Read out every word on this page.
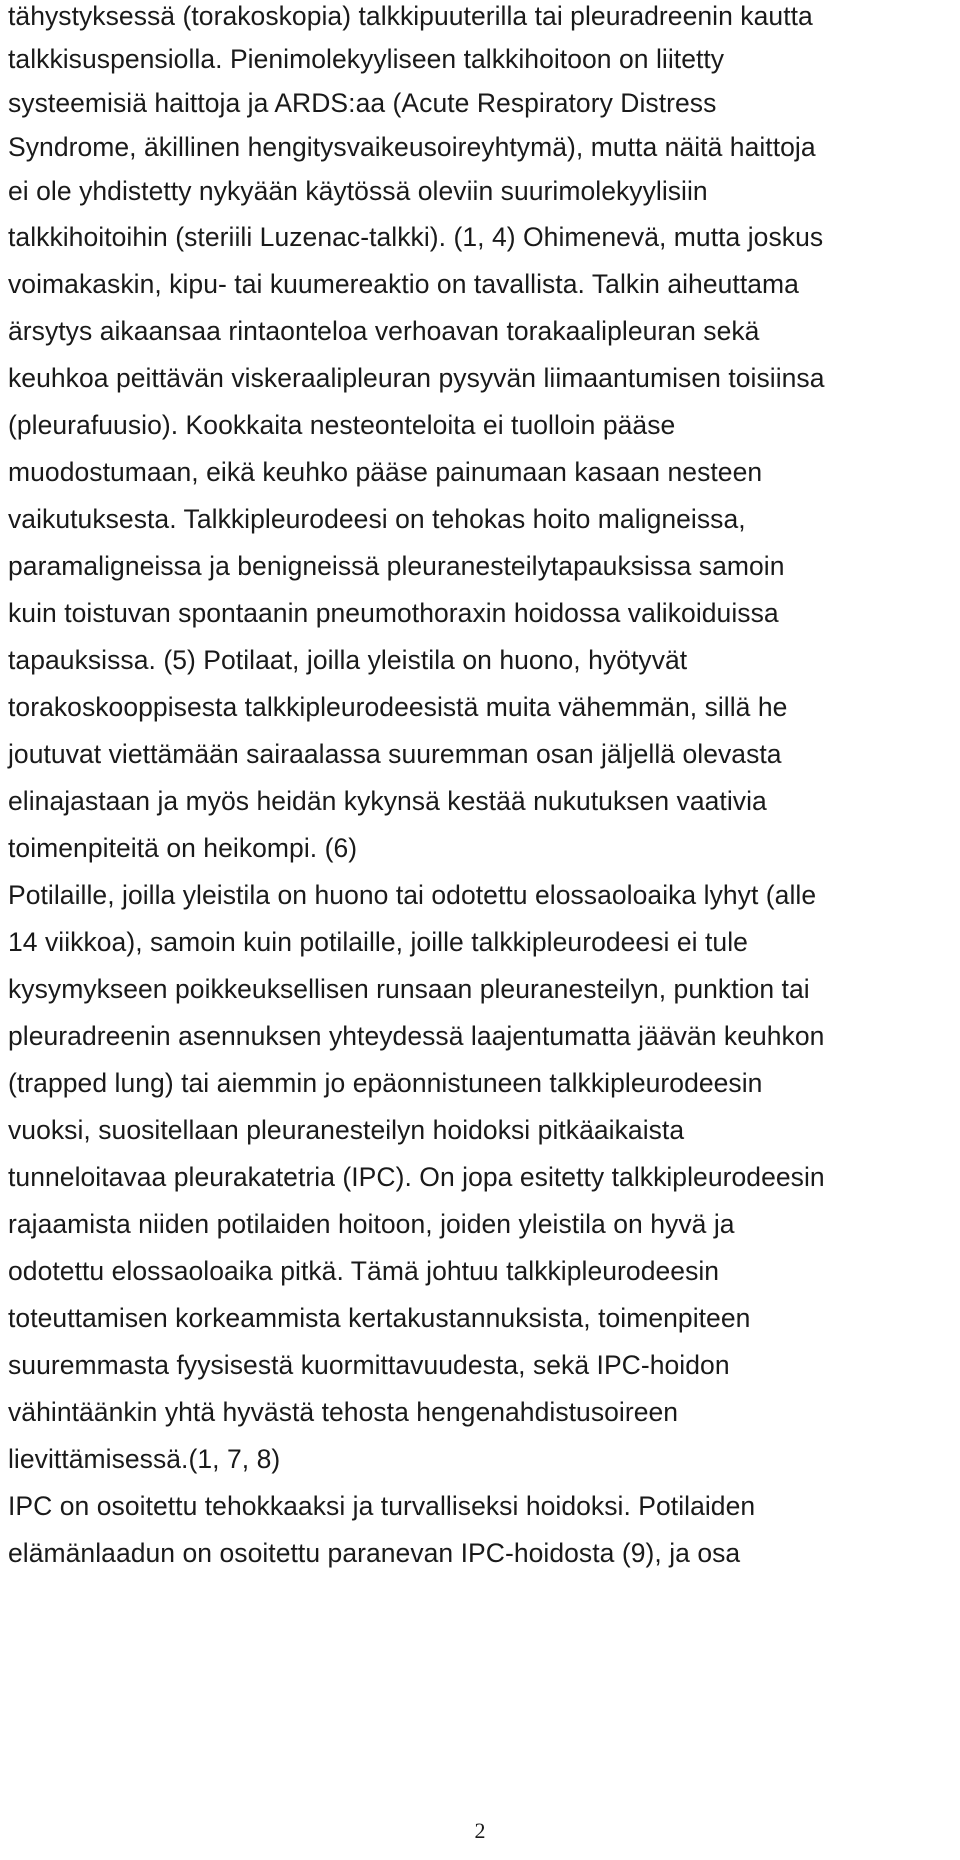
tähystyksessä (torakoskopia) talkkipuuterilla tai pleuradreenin kautta
talkkisuspensiolla. Pienimolekyyliseen talkkihoitoon on liitetty
systeemisiä haittoja ja ARDS:aa (Acute Respiratory Distress
Syndrome, äkillinen hengitysvaikeusoireyhtymä), mutta näitä haittoja
ei ole yhdistetty nykyään käytössä oleviin suurimolekyylisiin
talkkihoitoihin (steriili Luzenac-talkki). (1, 4) Ohimenevä, mutta joskus
voimakaskin, kipu- tai kuumereaktio on tavallista. Talkin aiheuttama
ärsytys aikaansaa rintaonteloa verhoavan torakaalipleuran sekä
keuhkoa peittävän viskeraalipleuran pysyvän liimaantumisen toisiinsa
(pleurafuusio). Kookkaita nesteonteloita ei tuolloin pääse
muodostumaan, eikä keuhko pääse painumaan kasaan nesteen
vaikutuksesta. Talkkipleurodeesi on tehokas hoito maligneissa,
paramaligneissa ja benigneissä pleuranesteilytapauksissa samoin
kuin toistuvan spontaanin pneumothoraxin hoidossa valikoiduissa
tapauksissa. (5) Potilaat, joilla yleistila on huono, hyötyvät
torakoskooppisesta talkkipleurodeesistä muita vähemmän, sillä he
joutuvat viettämään sairaalassa suuremman osan jäljellä olevasta
elinajastaan ja myös heidän kykynsä kestää nukutuksen vaativia
toimenpiteitä on heikompi. (6)
Potilaille, joilla yleistila on huono tai odotettu elossaoloaika lyhyt (alle
14 viikkoa), samoin kuin potilaille, joille talkkipleurodeesi ei tule
kysymykseen poikkeuksellisen runsaan pleuranesteilyn, punktion tai
pleuradreenin asennuksen yhteydessä laajentumatta jäävän keuhkon
(trapped lung) tai aiemmin jo epäonnistuneen talkkipleurodeesin
vuoksi, suositellaan pleuranesteilyn hoidoksi pitkäaikaista
tunneloitavaa pleurakatetria (IPC). On jopa esitetty talkkipleurodeesin
rajaamista niiden potilaiden hoitoon, joiden yleistila on hyvä ja
odotettu elossaoloaika pitkä. Tämä johtuu talkkipleurodeesin
toteuttamisen korkeammista kertakustannuksista, toimenpiteen
suuremmasta fyysisestä kuormittavuudesta, sekä IPC-hoidon
vähintäänkin yhtä hyvästä tehosta hengenahdistusoireen
lievittämisessä.(1, 7, 8)
IPC on osoitettu tehokkaaksi ja turvalliseksi hoidoksi. Potilaiden
elämänlaadun on osoitettu paranevan IPC-hoidosta (9), ja osa
2
